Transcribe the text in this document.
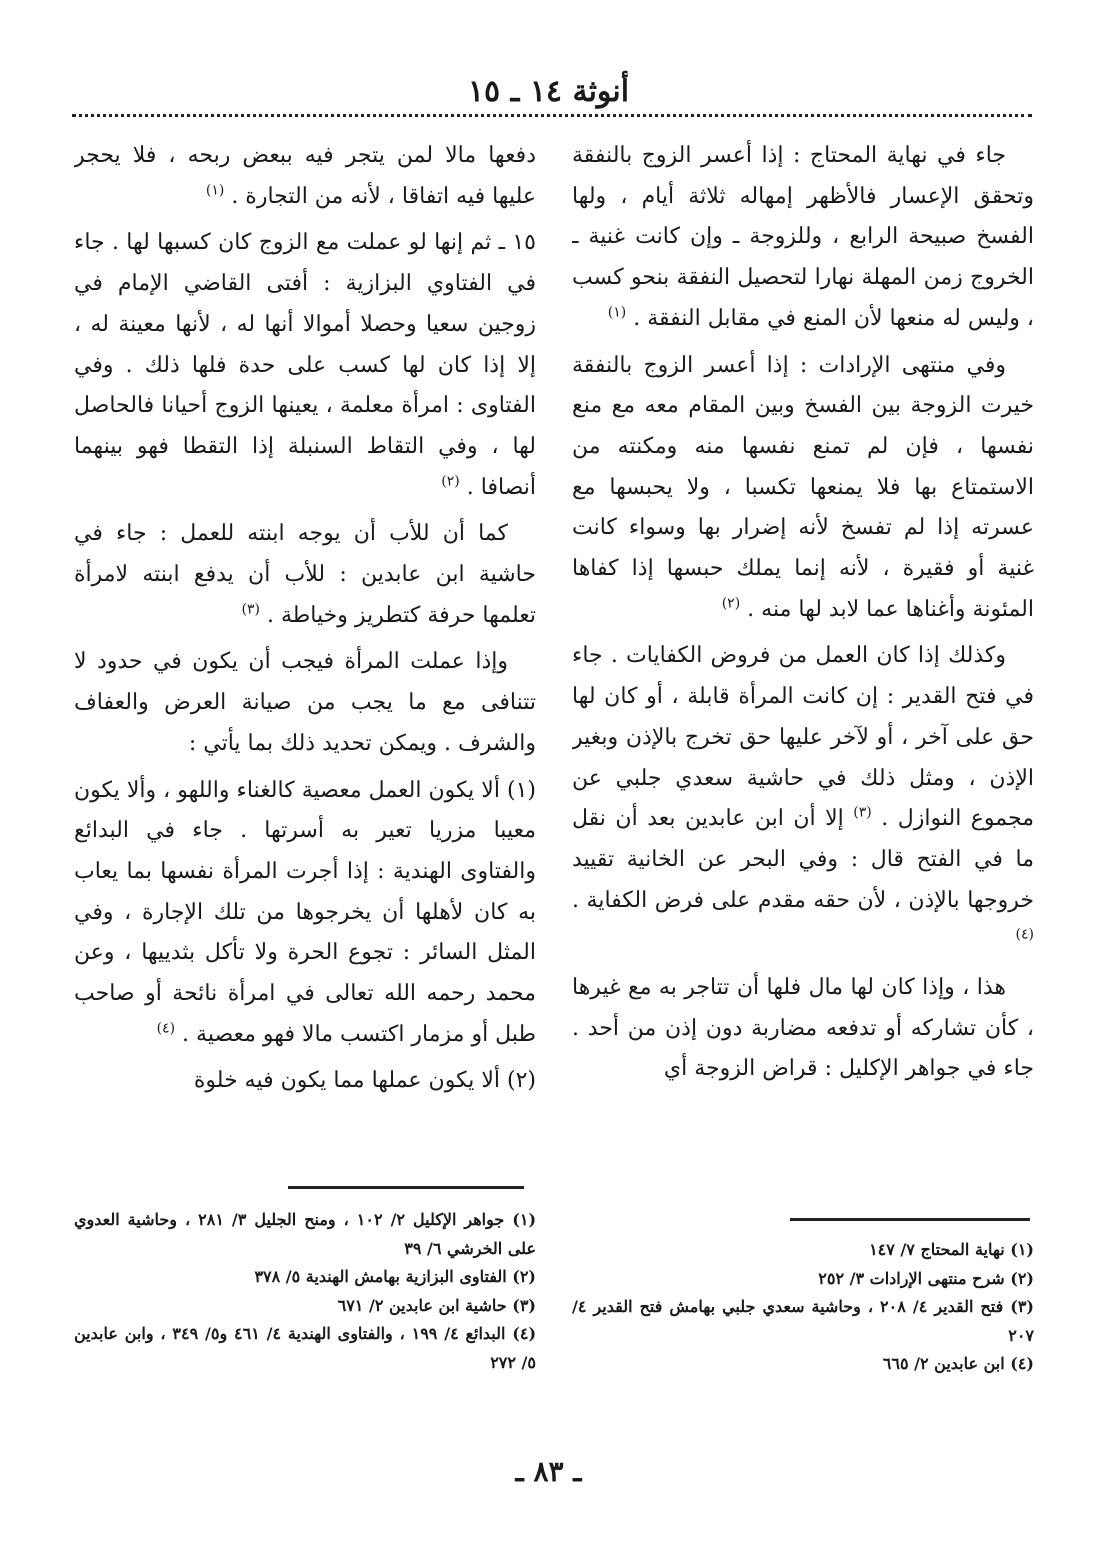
أنوثة ١٤ ـ ١٥

جاء في نهاية المحتاج : إذا أعسر الزوج بالنفقة وتحقق الإعسار فالأظهر إمهاله ثلاثة أيام ، ولها الفسخ صبيحة الرابع ، وللزوجة ـ وإن كانت غنية ـ الخروج زمن المهلة نهارا لتحصيل النفقة بنحو كسب ، وليس له منعها لأن المنع في مقابل النفقة . $^{(١)}$

وفي منتهى الإرادات : إذا أعسر الزوج بالنفقة خيرت الزوجة بين الفسخ وبين المقام معه مع منع نفسها ، فإن لم تمنع نفسها منه ومكنته من الاستمتاع بها فلا يمنعها تكسبا ، ولا يحبسها مع عسرته إذا لم تفسخ لأنه إضرار بها وسواء كانت غنية أو فقيرة ، لأنه إنما يملك حبسها إذا كفاها المئونة وأغناها عما لابد لها منه . $^{(٢)}$

وكذلك إذا كان العمل من فروض الكفايات . جاء في فتح القدير : إن كانت المرأة قابلة ، أو كان لها حق على آخر ، أو لآخر عليها حق تخرج بالإذن وبغير الإذن ، ومثل ذلك في حاشية سعدي جلبي عن مجموع النوازل . $^{(٣)}$ إلا أن ابن عابدين بعد أن نقل ما في الفتح قال : وفي البحر عن الخانية تقييد خروجها بالإذن ، لأن حقه مقدم على فرض الكفاية . $^{(٤)}$

هذا ، وإذا كان لها مال فلها أن تتاجر به مع غيرها ، كأن تشاركه أو تدفعه مضاربة دون إذن من أحد . جاء في جواهر الإكليل : قراض الزوجة أي

دفعها مالا لمن يتجر فيه ببعض ربحه ، فلا يحجر عليها فيه اتفاقا ، لأنه من التجارة . $^{(١)}$

١٥ ـ ثم إنها لو عملت مع الزوج كان كسبها لها . جاء في الفتاوي البزازية : أفتى القاضي الإمام في زوجين سعيا وحصلا أموالا أنها له ، لأنها معينة له ، إلا إذا كان لها كسب على حدة فلها ذلك . وفي الفتاوى : امرأة معلمة ، يعينها الزوج أحيانا فالحاصل لها ، وفي التقاط السنبلة إذا التقطا فهو بينهما أنصافا . $^{(٢)}$

كما أن للأب أن يوجه ابنته للعمل : جاء في حاشية ابن عابدين : للأب أن يدفع ابنته لامرأة تعلمها حرفة كتطريز وخياطة . $^{(٣)}$

وإذا عملت المرأة فيجب أن يكون في حدود لا تتنافى مع ما يجب من صيانة العرض والعفاف والشرف . ويمكن تحديد ذلك بما يأتي :

(١) ألا يكون العمل معصية كالغناء واللهو ، وألا يكون معيبا مزريا تعير به أسرتها . جاء في البدائع والفتاوى الهندية : إذا أجرت المرأة نفسها بما يعاب به كان لأهلها أن يخرجوها من تلك الإجارة ، وفي المثل السائر : تجوع الحرة ولا تأكل بثدييها ، وعن محمد رحمه الله تعالى في امرأة نائحة أو صاحب طبل أو مزمار اكتسب مالا فهو معصية . $^{(٤)}$

(٢) ألا يكون عملها مما يكون فيه خلوة

(١) نهاية المحتاج ٧/ ١٤٧

(٢) شرح منتهى الإرادات ٣/ ٢٥٢

(٣) فتح القدير ٤/ ٢٠٨ ، وحاشية سعدي جلبي بهامش فتح القدير ٤/ ٢٠٧

(٤) ابن عابدين ٢/ ٦٦٥

(١) جواهر الإكليل ٢/ ١٠٢ ، ومنح الجليل ٣/ ٢٨١ ، وحاشية العدوي على الخرشي ٦/ ٣٩

(٢) الفتاوى البزازية بهامش الهندية ٥/ ٣٧٨

(٣) حاشية ابن عابدين ٢/ ٦٧١

(٤) البدائع ٤/ ١٩٩ ، والفتاوى الهندية ٤/ ٤٦١ و٥/ ٣٤٩ ، وابن عابدين ٥/ ٢٧٢

ـ ٨٣ ـ
